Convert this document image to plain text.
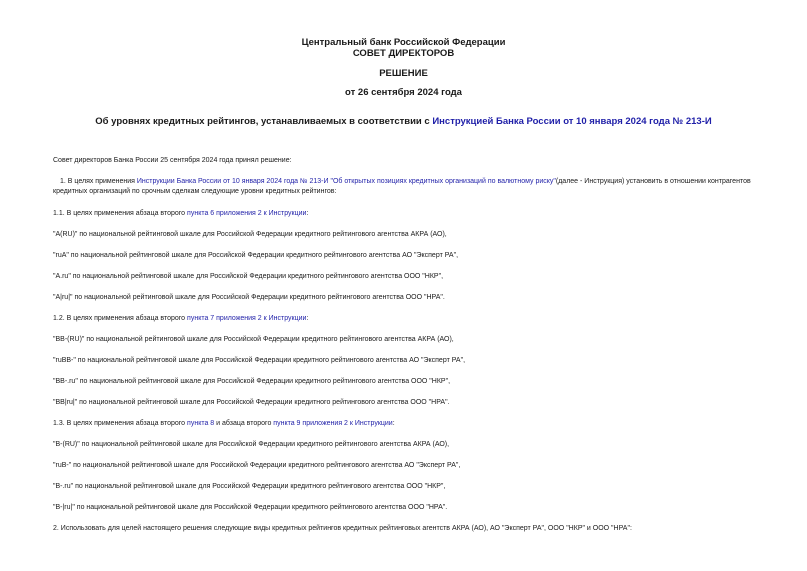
Центральный банк Российской Федерации
СОВЕТ ДИРЕКТОРОВ
РЕШЕНИЕ
от 26 сентября 2024 года
Об уровнях кредитных рейтингов, устанавливаемых в соответствии с Инструкцией Банка России от 10 января 2024 года № 213-И
Совет директоров Банка России 25 сентября 2024 года принял решение:
1. В целях применения Инструкции Банка России от 10 января 2024 года № 213-И "Об открытых позициях кредитных организаций по валютному риску"(далее - Инструкция) установить в отношении контрагентов
кредитных организаций по срочным сделкам следующие уровни кредитных рейтингов:
1.1. В целях применения абзаца второго пункта 6 приложения 2 к Инструкции:
"A(RU)" по национальной рейтинговой шкале для Российской Федерации кредитного рейтингового агентства АКРА (АО),
"ruA" по национальной рейтинговой шкале для Российской Федерации кредитного рейтингового агентства АО "Эксперт РА",
"A.ru" по национальной рейтинговой шкале для Российской Федерации кредитного рейтингового агентства ООО "НКР",
"A|ru|" по национальной рейтинговой шкале для Российской Федерации кредитного рейтингового агентства ООО "НРА".
1.2. В целях применения абзаца второго пункта 7 приложения 2 к Инструкции:
"BB-(RU)" по национальной рейтинговой шкале для Российской Федерации кредитного рейтингового агентства АКРА (АО),
"ruBB-" по национальной рейтинговой шкале для Российской Федерации кредитного рейтингового агентства АО "Эксперт РА",
"BB-.ru" по национальной рейтинговой шкале для Российской Федерации кредитного рейтингового агентства ООО "НКР",
"BB|ru|" по национальной рейтинговой шкале для Российской Федерации кредитного рейтингового агентства ООО "НРА".
1.3. В целях применения абзаца второго пункта 8 и абзаца второго пункта 9 приложения 2 к Инструкции:
"B-(RU)" по национальной рейтинговой шкале для Российской Федерации кредитного рейтингового агентства АКРА (АО),
"ruB-" по национальной рейтинговой шкале для Российской Федерации кредитного рейтингового агентства АО "Эксперт РА",
"B-.ru" по национальной рейтинговой шкале для Российской Федерации кредитного рейтингового агентства ООО "НКР",
"B-|ru|" по национальной рейтинговой шкале для Российской Федерации кредитного рейтингового агентства ООО "НРА".
2. Использовать для целей настоящего решения следующие виды кредитных рейтингов кредитных рейтинговых агентств АКРА (АО), АО "Эксперт РА", ООО "НКР" и ООО "НРА":
